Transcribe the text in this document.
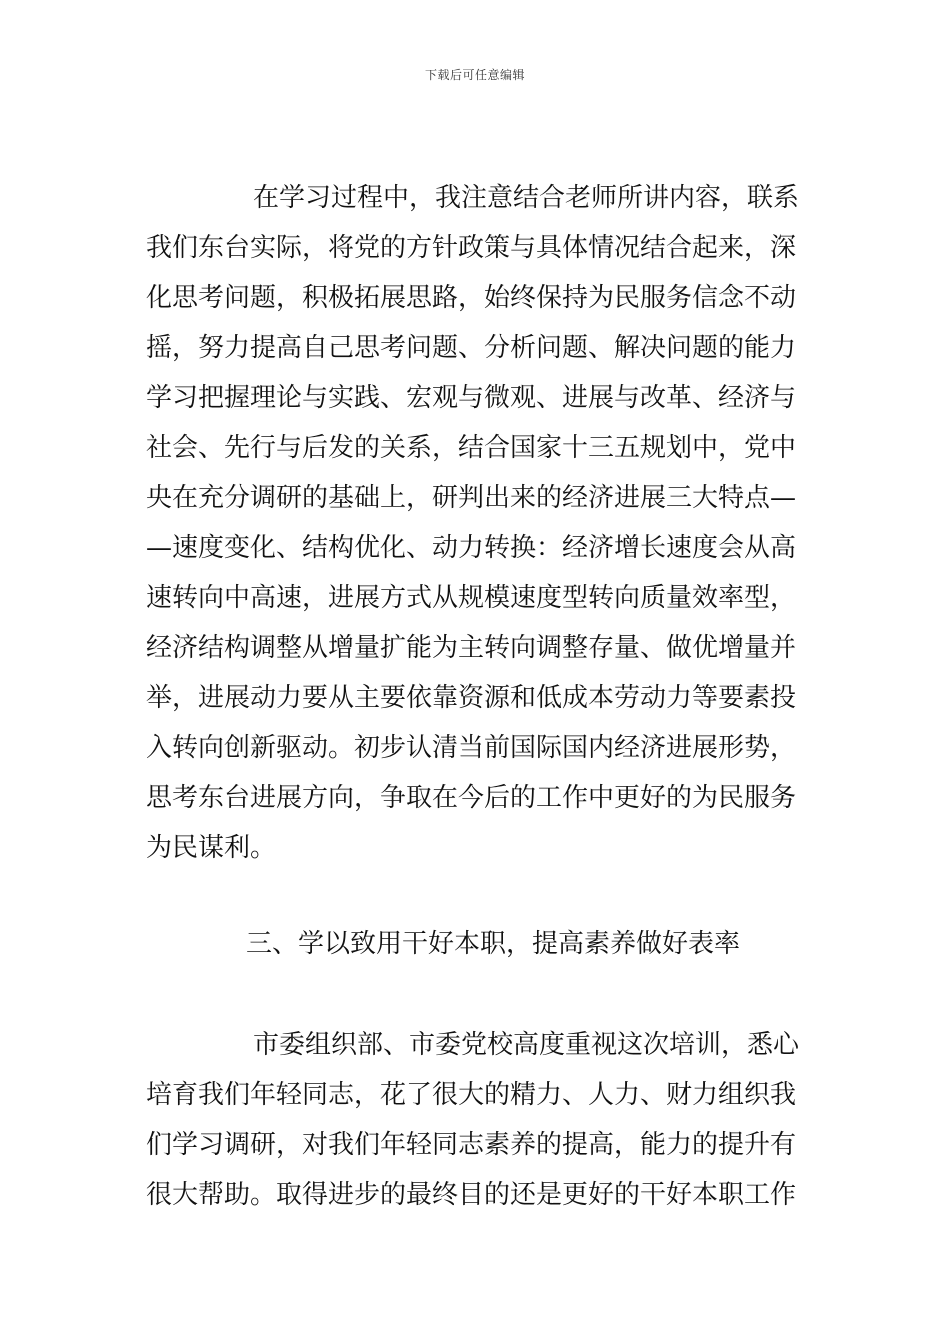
下载后可任意编辑
在学习过程中，我注意结合老师所讲内容，联系
我们东台实际，将党的方针政策与具体情况结合起来，深
化思考问题，积极拓展思路，始终保持为民服务信念不动
摇，努力提高自己思考问题、分析问题、解决问题的能力
学习把握理论与实践、宏观与微观、进展与改革、经济与
社会、先行与后发的关系，结合国家十三五规划中，党中
央在充分调研的基础上，研判出来的经济进展三大特点—
—速度变化、结构优化、动力转换：经济增长速度会从高
速转向中高速，进展方式从规模速度型转向质量效率型，
经济结构调整从增量扩能为主转向调整存量、做优增量并
举，进展动力要从主要依靠资源和低成本劳动力等要素投
入转向创新驱动。初步认清当前国际国内经济进展形势，
思考东台进展方向，争取在今后的工作中更好的为民服务
为民谋利。
三、学以致用干好本职，提高素养做好表率
市委组织部、市委党校高度重视这次培训，悉心
培育我们年轻同志，花了很大的精力、人力、财力组织我
们学习调研，对我们年轻同志素养的提高，能力的提升有
很大帮助。取得进步的最终目的还是更好的干好本职工作
